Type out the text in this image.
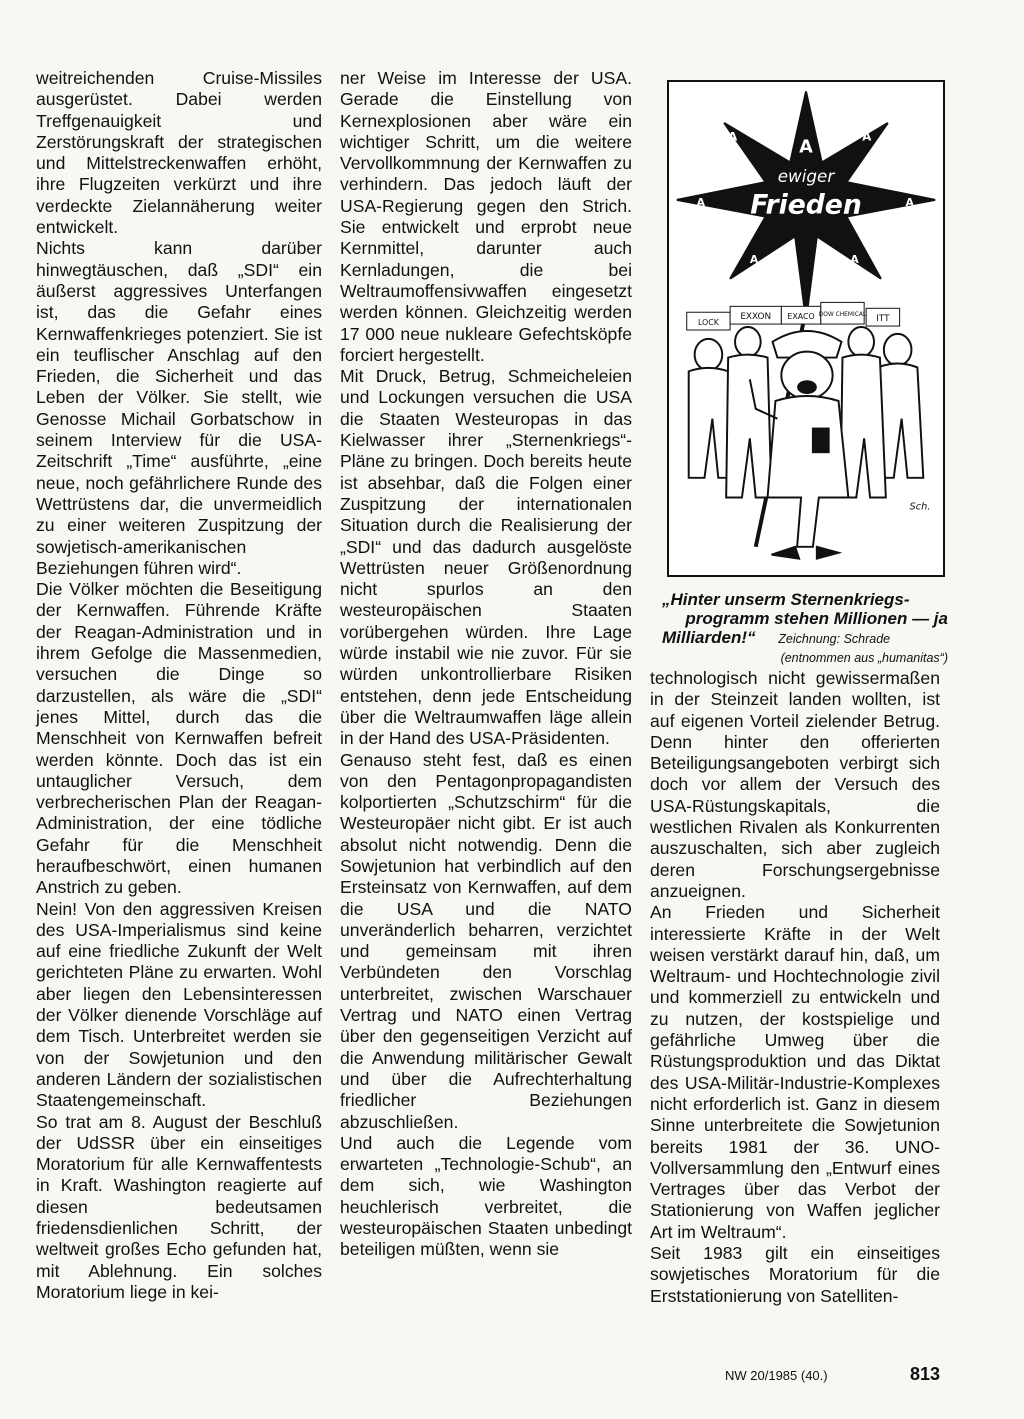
weitreichenden Cruise-Missiles ausgerüstet. Dabei werden Treffgenauigkeit und Zerstörungskraft der strategischen und Mittelstreckenwaffen erhöht, ihre Flugzeiten verkürzt und ihre verdeckte Zielannäherung weiter entwickelt.

Nichts kann darüber hinwegtäuschen, daß „SDI“ ein äußerst aggressives Unterfangen ist, das die Gefahr eines Kernwaffenkrieges potenziert. Sie ist ein teuflischer Anschlag auf den Frieden, die Sicherheit und das Leben der Völker. Sie stellt, wie Genosse Michail Gorbatschow in seinem Interview für die USA-Zeitschrift „Time“ ausführte, „eine neue, noch gefährlichere Runde des Wettrüstens dar, die unvermeidlich zu einer weiteren Zuspitzung der sowjetisch-amerikanischen Beziehungen führen wird“.

Die Völker möchten die Beseitigung der Kernwaffen. Führende Kräfte der Reagan-Administration und in ihrem Gefolge die Massenmedien, versuchen die Dinge so darzustellen, als wäre die „SDI“ jenes Mittel, durch das die Menschheit von Kernwaffen befreit werden könnte. Doch das ist ein untauglicher Versuch, dem verbrecherischen Plan der Reagan-Administration, der eine tödliche Gefahr für die Menschheit heraufbeschwört, einen humanen Anstrich zu geben.

Nein! Von den aggressiven Kreisen des USA-Imperialismus sind keine auf eine friedliche Zukunft der Welt gerichteten Pläne zu erwarten. Wohl aber liegen den Lebensinteressen der Völker dienende Vorschläge auf dem Tisch. Unterbreitet werden sie von der Sowjetunion und den anderen Ländern der sozialistischen Staatengemeinschaft.

So trat am 8. August der Beschluß der UdSSR über ein einseitiges Moratorium für alle Kernwaffentests in Kraft. Washington reagierte auf diesen bedeutsamen friedensdienlichen Schritt, der weltweit großes Echo gefunden hat, mit Ablehnung. Ein solches Moratorium liege in kei-

ner Weise im Interesse der USA. Gerade die Einstellung von Kernexplosionen aber wäre ein wichtiger Schritt, um die weitere Vervollkommnung der Kernwaffen zu verhindern. Das jedoch läuft der USA-Regierung gegen den Strich. Sie entwickelt und erprobt neue Kernmittel, darunter auch Kernladungen, die bei Weltraumoffensivwaffen eingesetzt werden können. Gleichzeitig werden 17 000 neue nukleare Gefechtsköpfe forciert hergestellt.

Mit Druck, Betrug, Schmeicheleien und Lockungen versuchen die USA die Staaten Westeuropas in das Kielwasser ihrer „Sternenkriegs“-Pläne zu bringen. Doch bereits heute ist absehbar, daß die Folgen einer Zuspitzung der internationalen Situation durch die Realisierung der „SDI“ und das dadurch ausgelöste Wettrüsten neuer Größenordnung nicht spurlos an den westeuropäischen Staaten vorübergehen würden. Ihre Lage würde instabil wie nie zuvor. Für sie würden unkontrollierbare Risiken entstehen, denn jede Entscheidung über die Weltraumwaffen läge allein in der Hand des USA-Präsidenten.

Genauso steht fest, daß es einen von den Pentagonpropagandisten kolportierten „Schutzschirm“ für die Westeuropäer nicht gibt. Er ist auch absolut nicht notwendig. Denn die Sowjetunion hat verbindlich auf den Ersteinsatz von Kernwaffen, auf dem die USA und die NATO unveränderlich beharren, verzichtet und gemeinsam mit ihren Verbündeten den Vorschlag unterbreitet, zwischen Warschauer Vertrag und NATO einen Vertrag über den gegenseitigen Verzicht auf die Anwendung militärischer Gewalt und über die Aufrechterhaltung friedlicher Beziehungen abzuschließen.

Und auch die Legende vom erwarteten „Technologie-Schub“, an dem sich, wie Washington heuchlerisch verbreitet, die westeuropäischen Staaten unbedingt beteiligen müßten, wenn sie

A
A	A
A	A
A	A
ewiger
Frieden
LOCK
EXXON EXACO DOW CHEMICAL ITT
Sch.
„Hinter unserm Sternenkriegs-
programm stehen Millionen — ja
Milliarden!“ Zeichnung: Schrade
(entnommen aus „humanitas“)

technologisch nicht gewissermaßen in der Steinzeit landen wollten, ist auf eigenen Vorteil zielender Betrug. Denn hinter den offerierten Beteiligungsangeboten verbirgt sich doch vor allem der Versuch des USA-Rüstungskapitals, die westlichen Rivalen als Konkurrenten auszuschalten, sich aber zugleich deren Forschungsergebnisse anzueignen.

An Frieden und Sicherheit interessierte Kräfte in der Welt weisen verstärkt darauf hin, daß, um Weltraum- und Hochtechnologie zivil und kommerziell zu entwickeln und zu nutzen, der kostspielige und gefährliche Umweg über die Rüstungsproduktion und das Diktat des USA-Militär-Industrie-Komplexes nicht erforderlich ist. Ganz in diesem Sinne unterbreitete die Sowjetunion bereits 1981 der 36. UNO-Vollversammlung den „Entwurf eines Vertrages über das Verbot der Stationierung von Waffen jeglicher Art im Weltraum“.

Seit 1983 gilt ein einseitiges sowjetisches Moratorium für die Erststationierung von Satelliten-

NW 20/1985 (40.)	813
